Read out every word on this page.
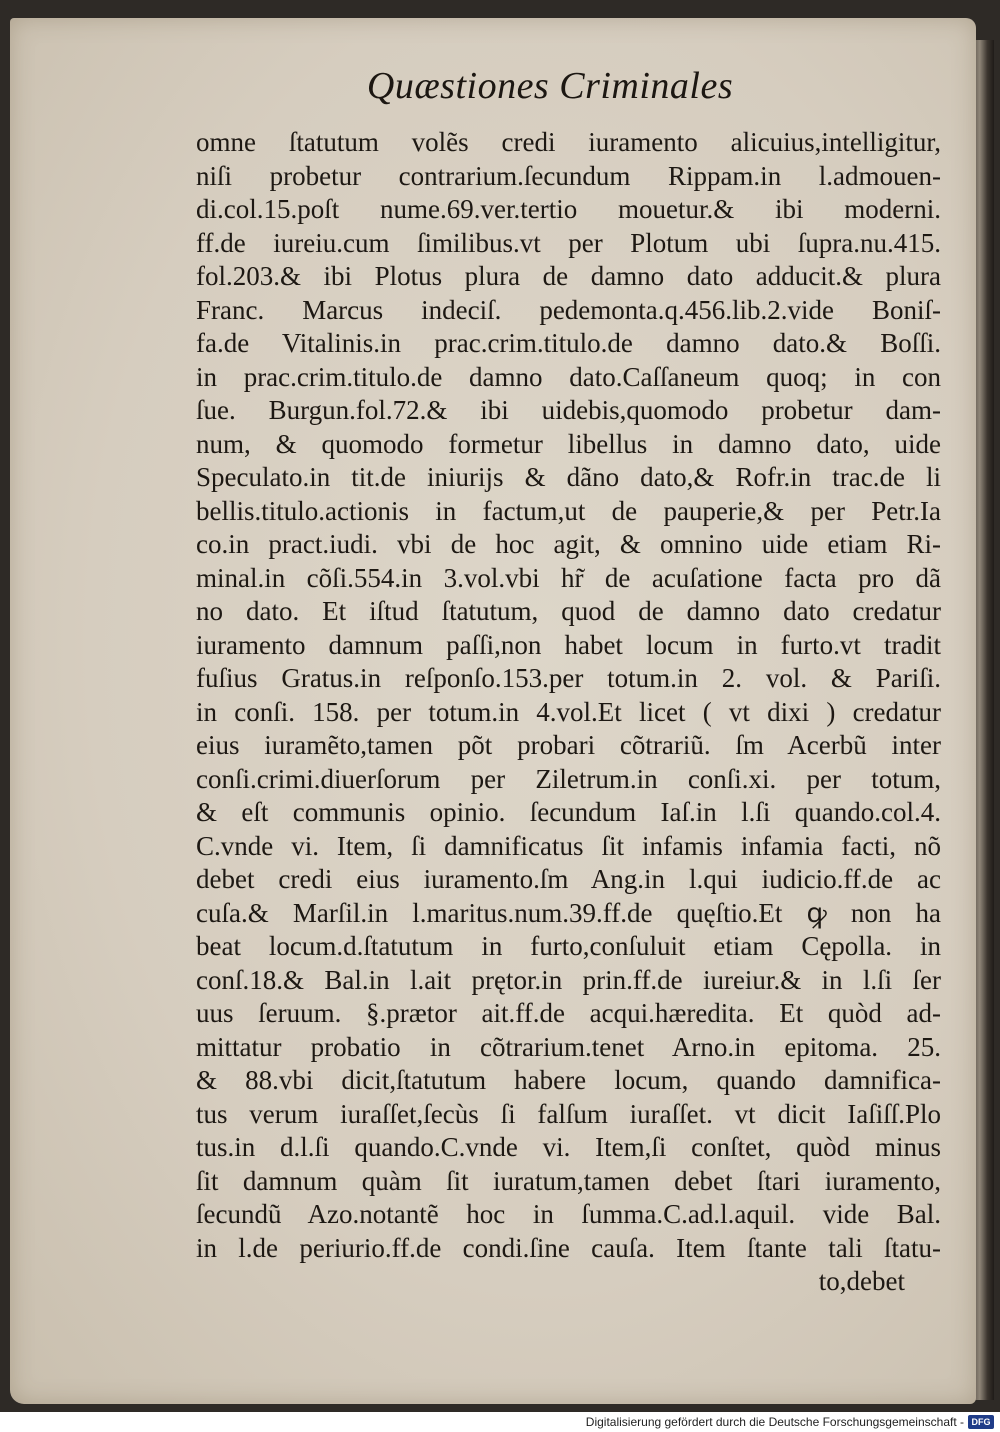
Quæstiones Criminales
omne ſtatutum volẽs credi iuramento alicuius,intelligitur,
niſi probetur contrarium.ſecundum Rippam.in l.admouen-
di.col.15.poſt nume.69.ver.tertio mouetur.& ibi moderni.
ff.de iureiu.cum ſimilibus.vt per Plotum ubi ſupra.nu.415.
fol.203.& ibi Plotus plura de damno dato adducit.& plura
Franc. Marcus indeciſ. pedemonta.q.456.lib.2.vide Boniſ-
fa.de Vitalinis.in prac.crim.titulo.de damno dato.& Boſſi.
in prac.crim.titulo.de damno dato.Caſſaneum quoq; in con
ſue. Burgun.fol.72.& ibi uidebis,quomodo probetur dam-
num, & quomodo formetur libellus in damno dato, uide
Speculato.in tit.de iniurijs & dãno dato,& Rofr.in trac.de li
bellis.titulo.actionis in factum,ut de pauperie,& per Petr.Ia
co.in pract.iudi. vbi de hoc agit, & omnino uide etiam Ri-
minal.in cõſi.554.in 3.vol.vbi hr̃ de acuſatione facta pro dã
no dato. Et iſtud ſtatutum, quod de damno dato credatur
iuramento damnum paſſi,non habet locum in furto.vt tradit
fuſius Gratus.in reſponſo.153.per totum.in 2. vol. & Pariſi.
in conſi. 158. per totum.in 4.vol.Et licet ( vt dixi ) credatur
eius iuramẽto,tamen põt probari cõtrariũ. ſm Acerbũ inter
conſi.crimi.diuerſorum per Ziletrum.in conſi.xi. per totum,
& eſt communis opinio. ſecundum Iaſ.in l.ſi quando.col.4.
C.vnde vi. Item, ſi damnificatus ſit infamis infamia facti, nõ
debet credi eius iuramento.ſm Ang.in l.qui iudicio.ff.de ac
cuſa.& Marſil.in l.maritus.num.39.ff.de quęſtio.Et ꝙ non ha
beat locum.d.ſtatutum in furto,conſuluit etiam Cępolla. in
conſ.18.& Bal.in l.ait prętor.in prin.ff.de iureiur.& in l.ſi ſer
uus ſeruum. §.prætor ait.ff.de acqui.hæredita. Et quòd ad-
mittatur probatio in cõtrarium.tenet Arno.in epitoma. 25.
& 88.vbi dicit,ſtatutum habere locum, quando damnifica-
tus verum iuraſſet,ſecùs ſi falſum iuraſſet. vt dicit Iaſiſſ.Plo
tus.in d.l.ſi quando.C.vnde vi. Item,ſi conſtet, quòd minus
ſit damnum quàm ſit iuratum,tamen debet ſtari iuramento,
ſecundũ Azo.notantẽ hoc in ſumma.C.ad.l.aquil. vide Bal.
in l.de periurio.ff.de condi.ſine cauſa. Item ſtante tali ſtatu-
to,debet
Digitalisierung gefördert durch die Deutsche Forschungsgemeinschaft - DFG
